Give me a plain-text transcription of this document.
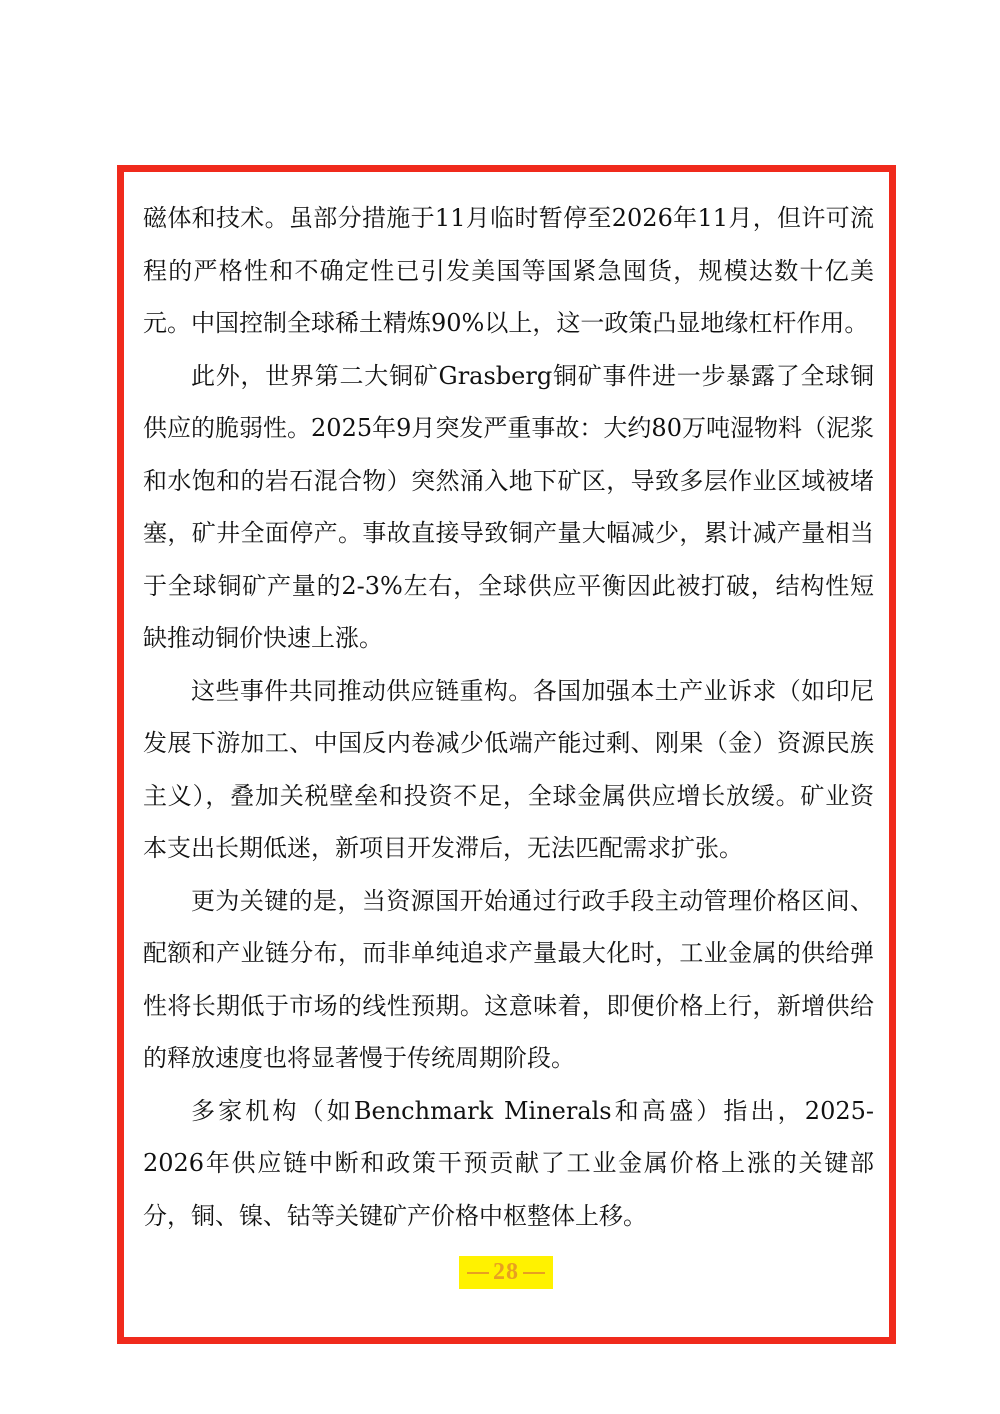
磁体和技术。虽部分措施于11月临时暂停至2026年11月，但许可流程的严格性和不确定性已引发美国等国紧急囤货，规模达数十亿美元。中国控制全球稀土精炼90%以上，这一政策凸显地缘杠杆作用。

此外，世界第二大铜矿Grasberg铜矿事件进一步暴露了全球铜供应的脆弱性。2025年9月突发严重事故：大约80万吨湿物料（泥浆和水饱和的岩石混合物）突然涌入地下矿区，导致多层作业区域被堵塞，矿井全面停产。事故直接导致铜产量大幅减少，累计减产量相当于全球铜矿产量的2-3%左右，全球供应平衡因此被打破，结构性短缺推动铜价快速上涨。

这些事件共同推动供应链重构。各国加强本土产业诉求（如印尼发展下游加工、中国反内卷减少低端产能过剩、刚果（金）资源民族主义），叠加关税壁垒和投资不足，全球金属供应增长放缓。矿业资本支出长期低迷，新项目开发滞后，无法匹配需求扩张。

更为关键的是，当资源国开始通过行政手段主动管理价格区间、配额和产业链分布，而非单纯追求产量最大化时，工业金属的供给弹性将长期低于市场的线性预期。这意味着，即便价格上行，新增供给的释放速度也将显著慢于传统周期阶段。

多家机构（如Benchmark Minerals和高盛）指出，2025-2026年供应链中断和政策干预贡献了工业金属价格上涨的关键部分，铜、镍、钴等关键矿产价格中枢整体上移。

28
